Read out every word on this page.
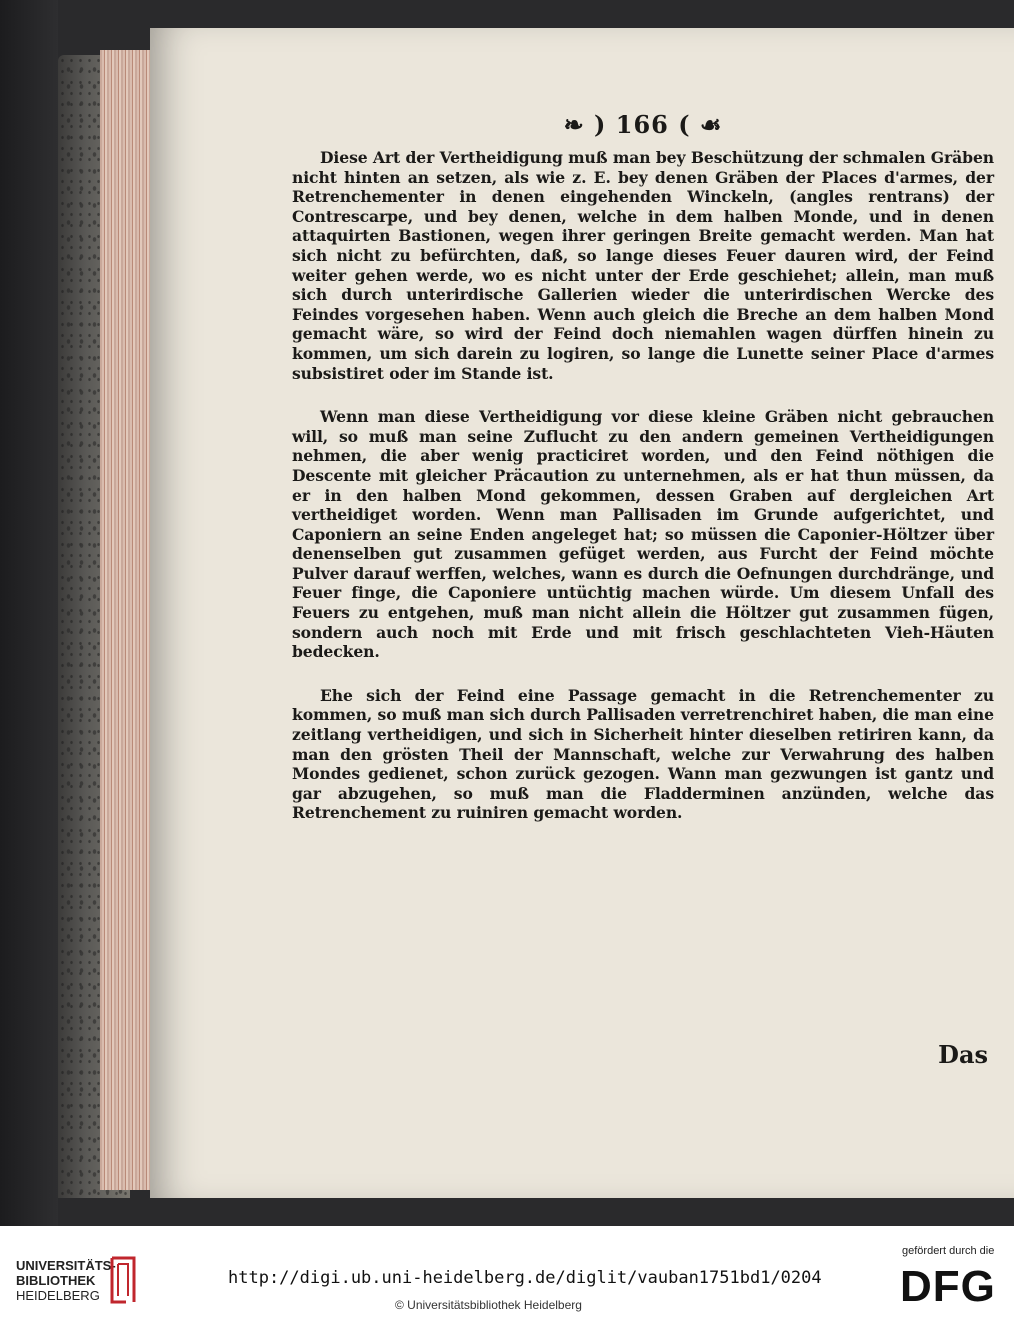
❧ ) 166 ( ☙

Diese Art der Vertheidigung muß man bey Beschützung der schmalen Gräben nicht hinten an setzen, als wie z. E. bey denen Gräben der Places d'armes, der Retrenchementer in denen eingehenden Winckeln, (angles rentrans) der Contrescarpe, und bey denen, welche in dem halben Monde, und in denen attaquirten Bastionen, wegen ihrer geringen Breite gemacht werden. Man hat sich nicht zu befürchten, daß, so lange dieses Feuer dauren wird, der Feind weiter gehen werde, wo es nicht unter der Erde geschiehet; allein, man muß sich durch unterirdische Gallerien wieder die unterirdischen Wercke des Feindes vorgesehen haben. Wenn auch gleich die Breche an dem halben Mond gemacht wäre, so wird der Feind doch niemahlen wagen dürffen hinein zu kommen, um sich darein zu logiren, so lange die Lunette seiner Place d'armes subsistiret oder im Stande ist.

Wenn man diese Vertheidigung vor diese kleine Gräben nicht gebrauchen will, so muß man seine Zuflucht zu den andern gemeinen Vertheidigungen nehmen, die aber wenig practiciret worden, und den Feind nöthigen die Descente mit gleicher Präcaution zu unternehmen, als er hat thun müssen, da er in den halben Mond gekommen, dessen Graben auf dergleichen Art vertheidiget worden. Wenn man Pallisaden im Grunde aufgerichtet, und Caponiern an seine Enden angeleget hat; so müssen die Caponier-Höltzer über denenselben gut zusammen gefüget werden, aus Furcht der Feind möchte Pulver darauf werffen, welches, wann es durch die Oefnungen durchdränge, und Feuer finge, die Caponiere untüchtig machen würde. Um diesem Unfall des Feuers zu entgehen, muß man nicht allein die Höltzer gut zusammen fügen, sondern auch noch mit Erde und mit frisch geschlachteten Vieh-Häuten bedecken.

Ehe sich der Feind eine Passage gemacht in die Retrenchementer zu kommen, so muß man sich durch Pallisaden verretrenchiret haben, die man eine zeitlang vertheidigen, und sich in Sicherheit hinter dieselben retiriren kann, da man den grösten Theil der Mannschaft, welche zur Verwahrung des halben Mondes gedienet, schon zurück gezogen. Wann man gezwungen ist gantz und gar abzugehen, so muß man die Fladderminen anzünden, welche das Retrenchement zu ruiniren gemacht worden.

Das
UNIVERSITÄTS-
BIBLIOTHEK
HEIDELBERG
http://digi.ub.uni-heidelberg.de/diglit/vauban1751bd1/0204
© Universitätsbibliothek Heidelberg
gefördert durch die
DFG
